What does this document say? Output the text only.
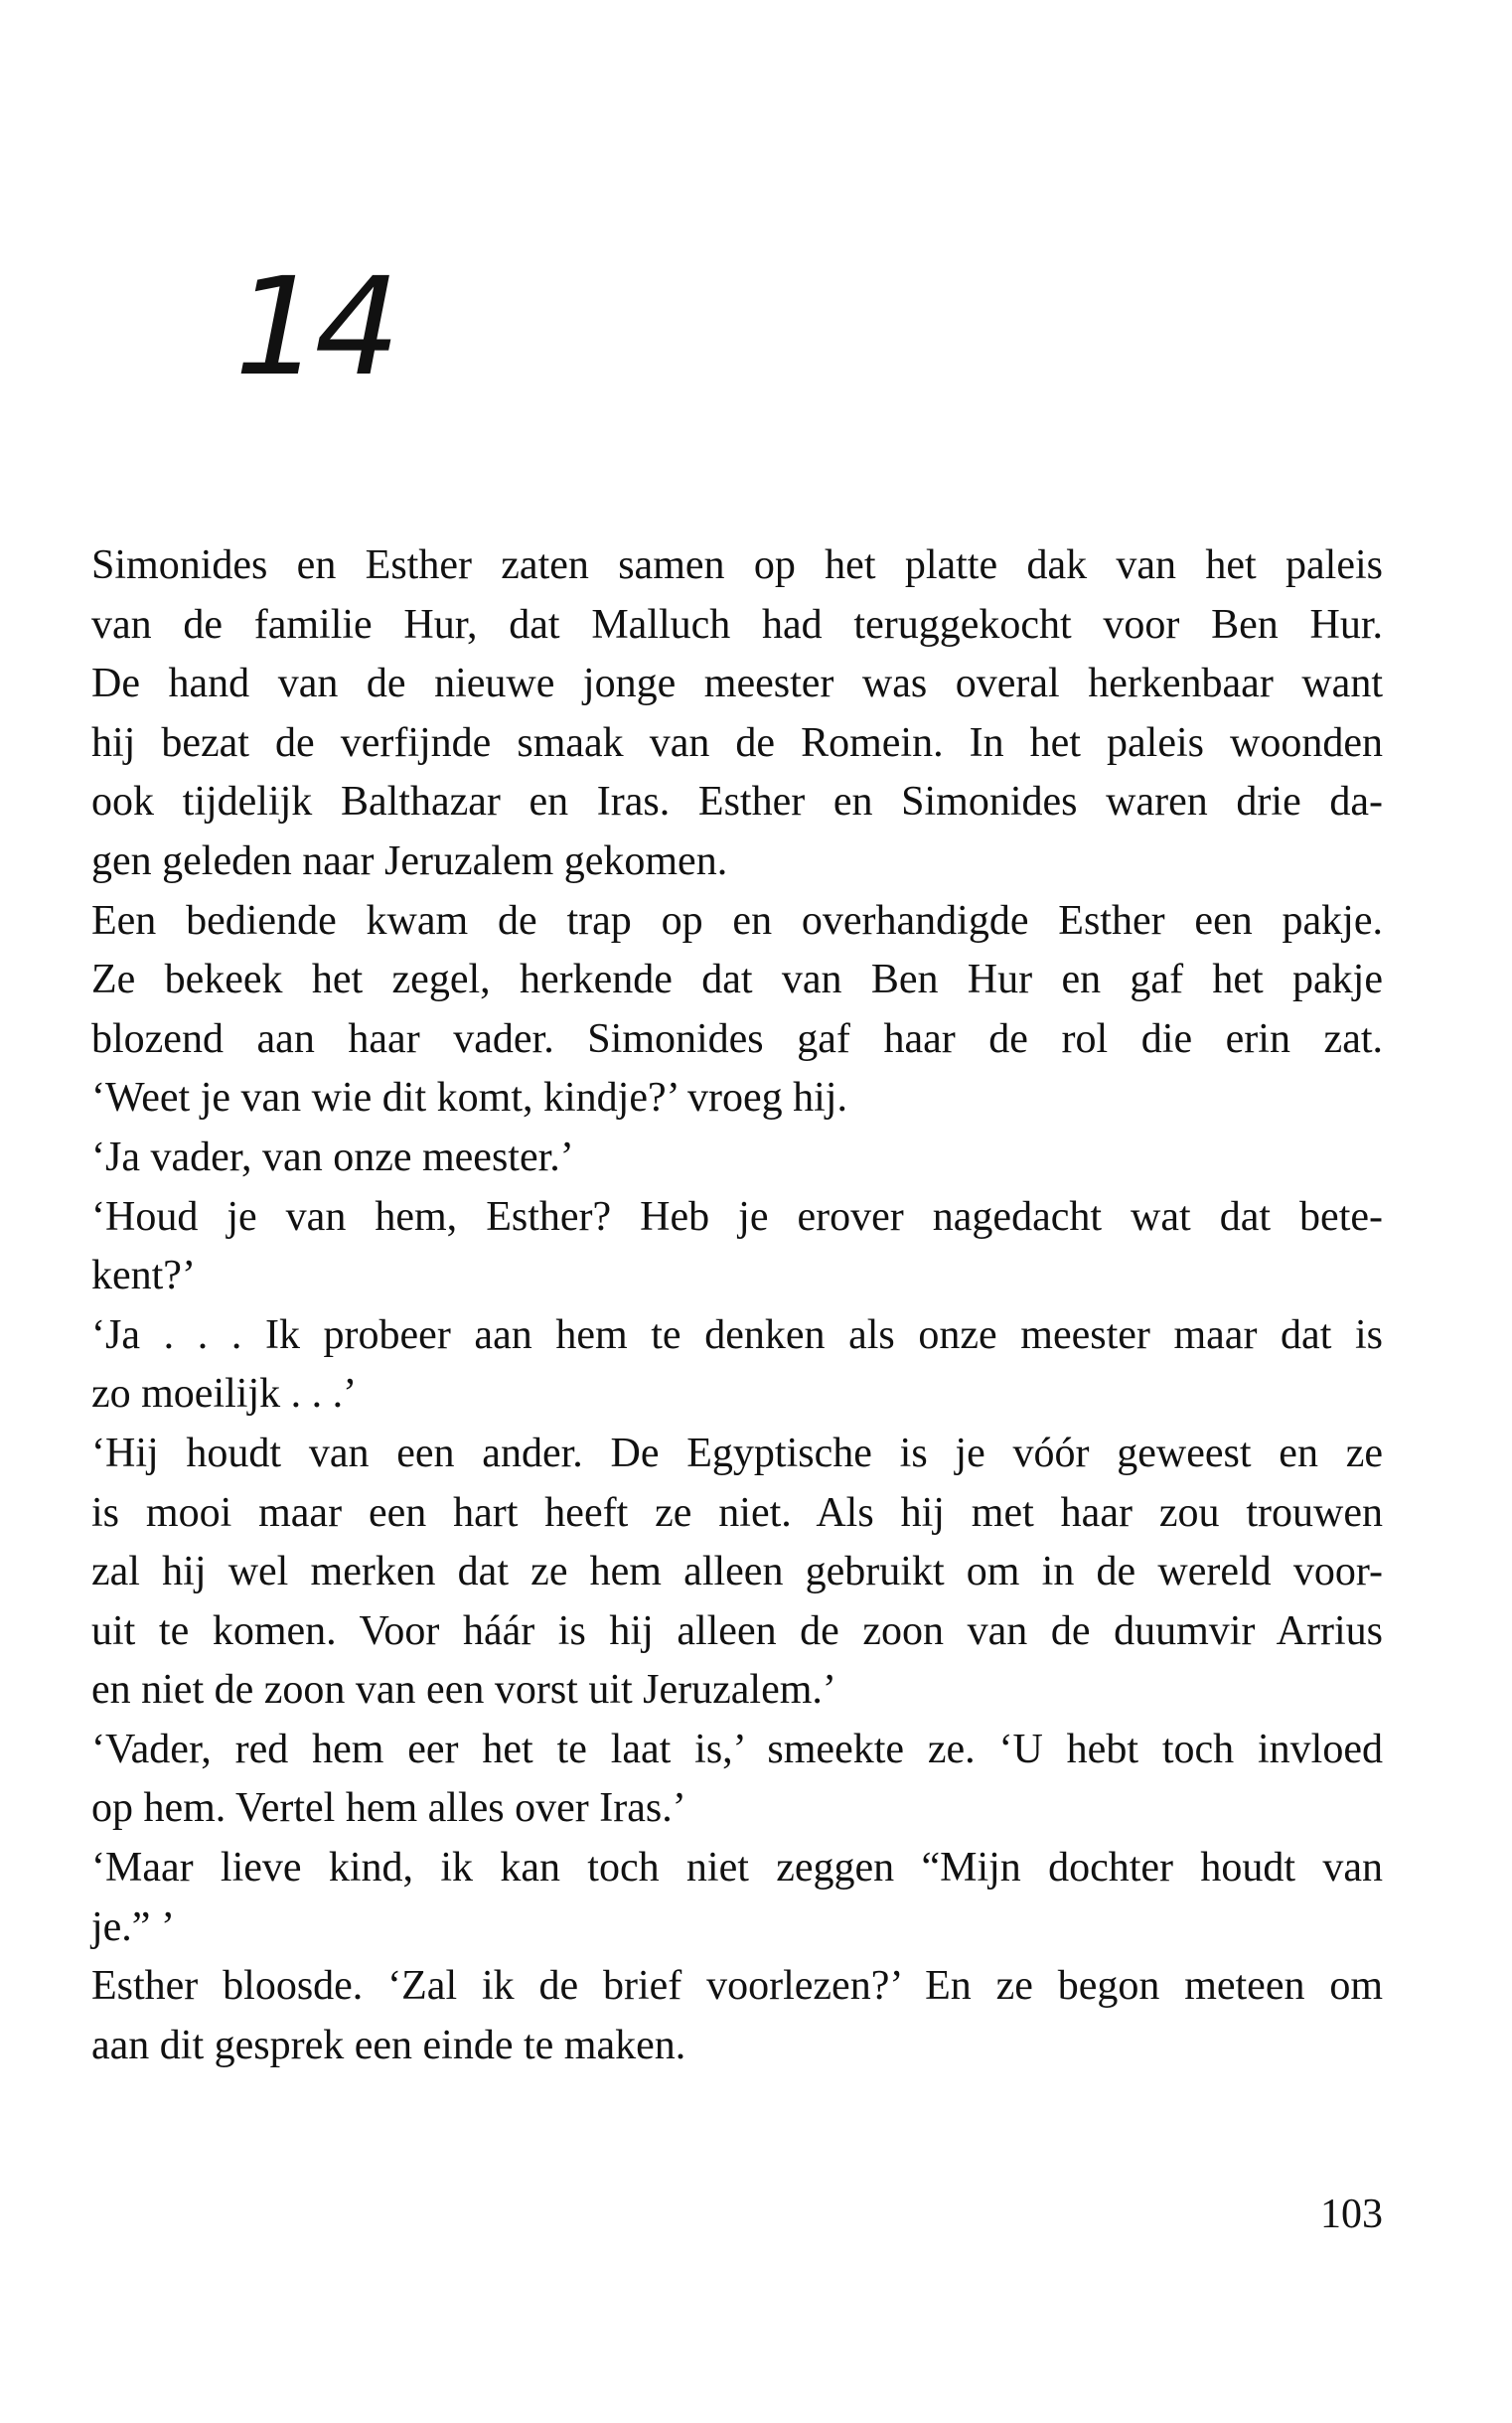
14
Simonides en Esther zaten samen op het platte dak van het paleis
van de familie Hur, dat Malluch had teruggekocht voor Ben Hur.
De hand van de nieuwe jonge meester was overal herkenbaar want
hij bezat de verfijnde smaak van de Romein. In het paleis woonden
ook tijdelijk Balthazar en Iras. Esther en Simonides waren drie da-
gen geleden naar Jeruzalem gekomen.
Een bediende kwam de trap op en overhandigde Esther een pakje.
Ze bekeek het zegel, herkende dat van Ben Hur en gaf het pakje
blozend aan haar vader. Simonides gaf haar de rol die erin zat.
‘Weet je van wie dit komt, kindje?’ vroeg hij.
‘Ja vader, van onze meester.’
‘Houd je van hem, Esther? Heb je erover nagedacht wat dat bete-
kent?’
‘Ja . . . Ik probeer aan hem te denken als onze meester maar dat is
zo moeilijk . . .’
‘Hij houdt van een ander. De Egyptische is je vóór geweest en ze
is mooi maar een hart heeft ze niet. Als hij met haar zou trouwen
zal hij wel merken dat ze hem alleen gebruikt om in de wereld voor-
uit te komen. Voor háár is hij alleen de zoon van de duumvir Arrius
en niet de zoon van een vorst uit Jeruzalem.’
‘Vader, red hem eer het te laat is,’ smeekte ze. ‘U hebt toch invloed
op hem. Vertel hem alles over Iras.’
‘Maar lieve kind, ik kan toch niet zeggen “Mijn dochter houdt van
je.” ’
Esther bloosde. ‘Zal ik de brief voorlezen?’ En ze begon meteen om
aan dit gesprek een einde te maken.
103
